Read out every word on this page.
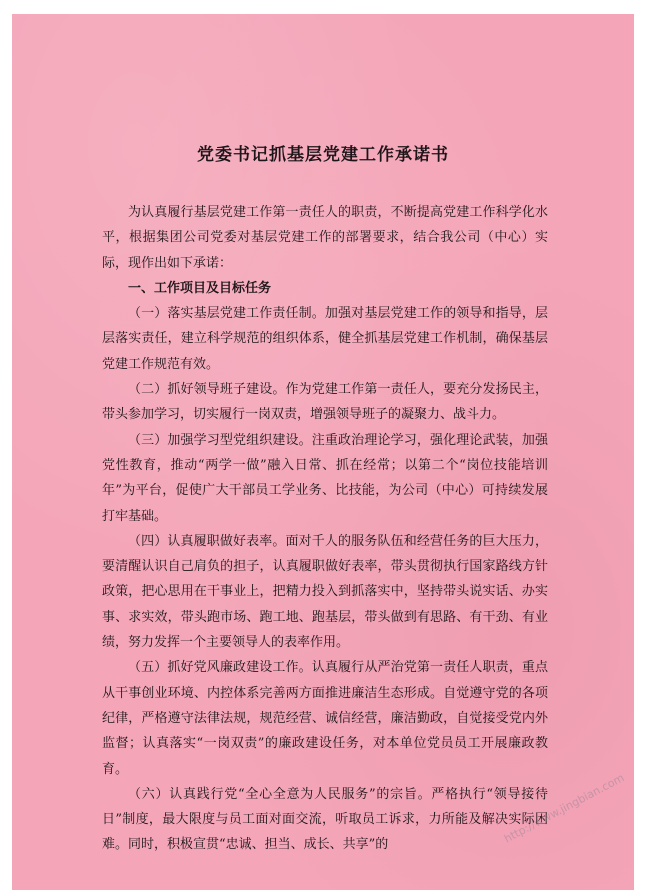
党委书记抓基层党建工作承诺书

为认真履行基层党建工作第一责任人的职责，不断提高党建工作科学化水平，根据集团公司党委对基层党建工作的部署要求，结合我公司（中心）实际，现作出如下承诺：

一、工作项目及目标任务

（一）落实基层党建工作责任制。加强对基层党建工作的领导和指导，层层落实责任，建立科学规范的组织体系，健全抓基层党建工作机制，确保基层党建工作规范有效。

（二）抓好领导班子建设。作为党建工作第一责任人，要充分发扬民主，带头参加学习，切实履行一岗双责，增强领导班子的凝聚力、战斗力。

（三）加强学习型党组织建设。注重政治理论学习，强化理论武装，加强党性教育，推动“两学一做”融入日常、抓在经常；以第二个“岗位技能培训年”为平台，促使广大干部员工学业务、比技能，为公司（中心）可持续发展打牢基础。

（四）认真履职做好表率。面对千人的服务队伍和经营任务的巨大压力，要清醒认识自己肩负的担子，认真履职做好表率，带头贯彻执行国家路线方针政策，把心思用在干事业上，把精力投入到抓落实中，坚持带头说实话、办实事、求实效，带头跑市场、跑工地、跑基层，带头做到有思路、有干劲、有业绩，努力发挥一个主要领导人的表率作用。

（五）抓好党风廉政建设工作。认真履行从严治党第一责任人职责，重点从干事创业环境、内控体系完善两方面推进廉洁生态形成。自觉遵守党的各项纪律，严格遵守法律法规，规范经营、诚信经营，廉洁勤政，自觉接受党内外监督；认真落实“一岗双责”的廉政建设任务，对本单位党员员工开展廉政教育。

（六）认真践行党“全心全意为人民服务”的宗旨。严格执行“领导接待日”制度，最大限度与员工面对面交流，听取员工诉求，力所能及解决实际困难。同时，积极宣贯“忠诚、担当、成长、共享”的	http://www.jingbian.com
